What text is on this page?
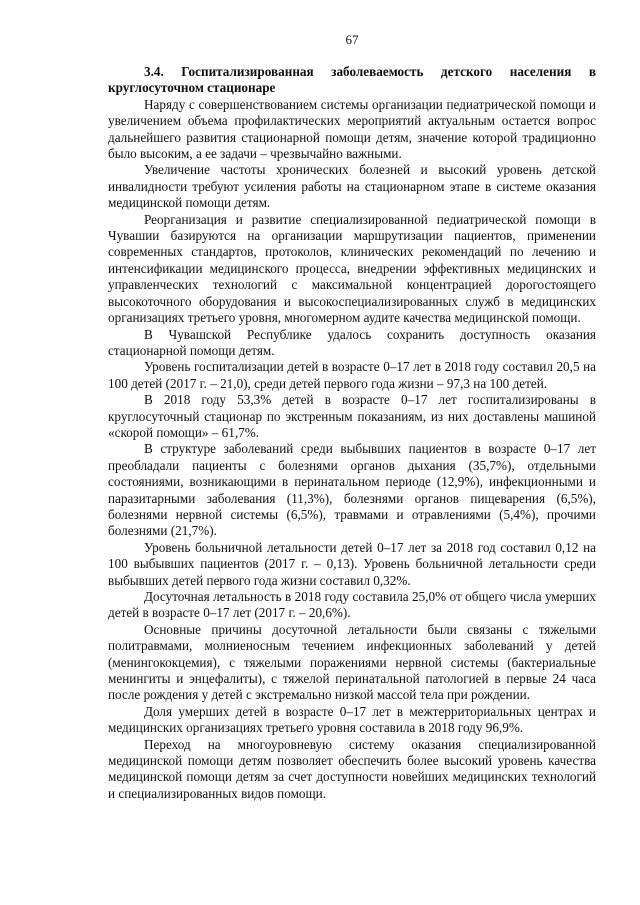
67
3.4. Госпитализированная заболеваемость детского населения в круглосуточном стационаре

Наряду с совершенствованием системы организации педиатрической помощи и увеличением объема профилактических мероприятий актуальным остается вопрос дальнейшего развития стационарной помощи детям, значение которой традиционно было высоким, а ее задачи – чрезвычайно важными.

Увеличение частоты хронических болезней и высокий уровень детской инвалидности требуют усиления работы на стационарном этапе в системе оказания медицинской помощи детям.

Реорганизация и развитие специализированной педиатрической помощи в Чувашии базируются на организации маршрутизации пациентов, применении современных стандартов, протоколов, клинических рекомендаций по лечению и интенсификации медицинского процесса, внедрении эффективных медицинских и управленческих технологий с максимальной концентрацией дорогостоящего высокоточного оборудования и высокоспециализированных служб в медицинских организациях третьего уровня, многомерном аудите качества медицинской помощи.

В Чувашской Республике удалось сохранить доступность оказания стационарной помощи детям.

Уровень госпитализации детей в возрасте 0–17 лет в 2018 году составил 20,5 на 100 детей (2017 г. – 21,0), среди детей первого года жизни – 97,3 на 100 детей.

В 2018 году 53,3% детей в возрасте 0–17 лет госпитализированы в круглосуточный стационар по экстренным показаниям, из них доставлены машиной «скорой помощи» – 61,7%.

В структуре заболеваний среди выбывших пациентов в возрасте 0–17 лет преобладали пациенты с болезнями органов дыхания (35,7%), отдельными состояниями, возникающими в перинатальном периоде (12,9%), инфекционными и паразитарными заболевания (11,3%), болезнями органов пищеварения (6,5%), болезнями нервной системы (6,5%), травмами и отравлениями (5,4%), прочими болезнями (21,7%).

Уровень больничной летальности детей 0–17 лет за 2018 год составил 0,12 на 100 выбывших пациентов (2017 г. – 0,13). Уровень больничной летальности среди выбывших детей первого года жизни составил 0,32%.

Досуточная летальность в 2018 году составила 25,0% от общего числа умерших детей в возрасте 0–17 лет (2017 г. – 20,6%).

Основные причины досуточной летальности были связаны с тяжелыми политравмами, молниеносным течением инфекционных заболеваний у детей (менингококцемия), с тяжелыми поражениями нервной системы (бактериальные менингиты и энцефалиты), с тяжелой перинатальной патологией в первые 24 часа после рождения у детей с экстремально низкой массой тела при рождении.

Доля умерших детей в возрасте 0–17 лет в межтерриториальных центрах и медицинских организациях третьего уровня составила в 2018 году 96,9%.

Переход на многоуровневую систему оказания специализированной медицинской помощи детям позволяет обеспечить более высокий уровень качества медицинской помощи детям за счет доступности новейших медицинских технологий и специализированных видов помощи.
